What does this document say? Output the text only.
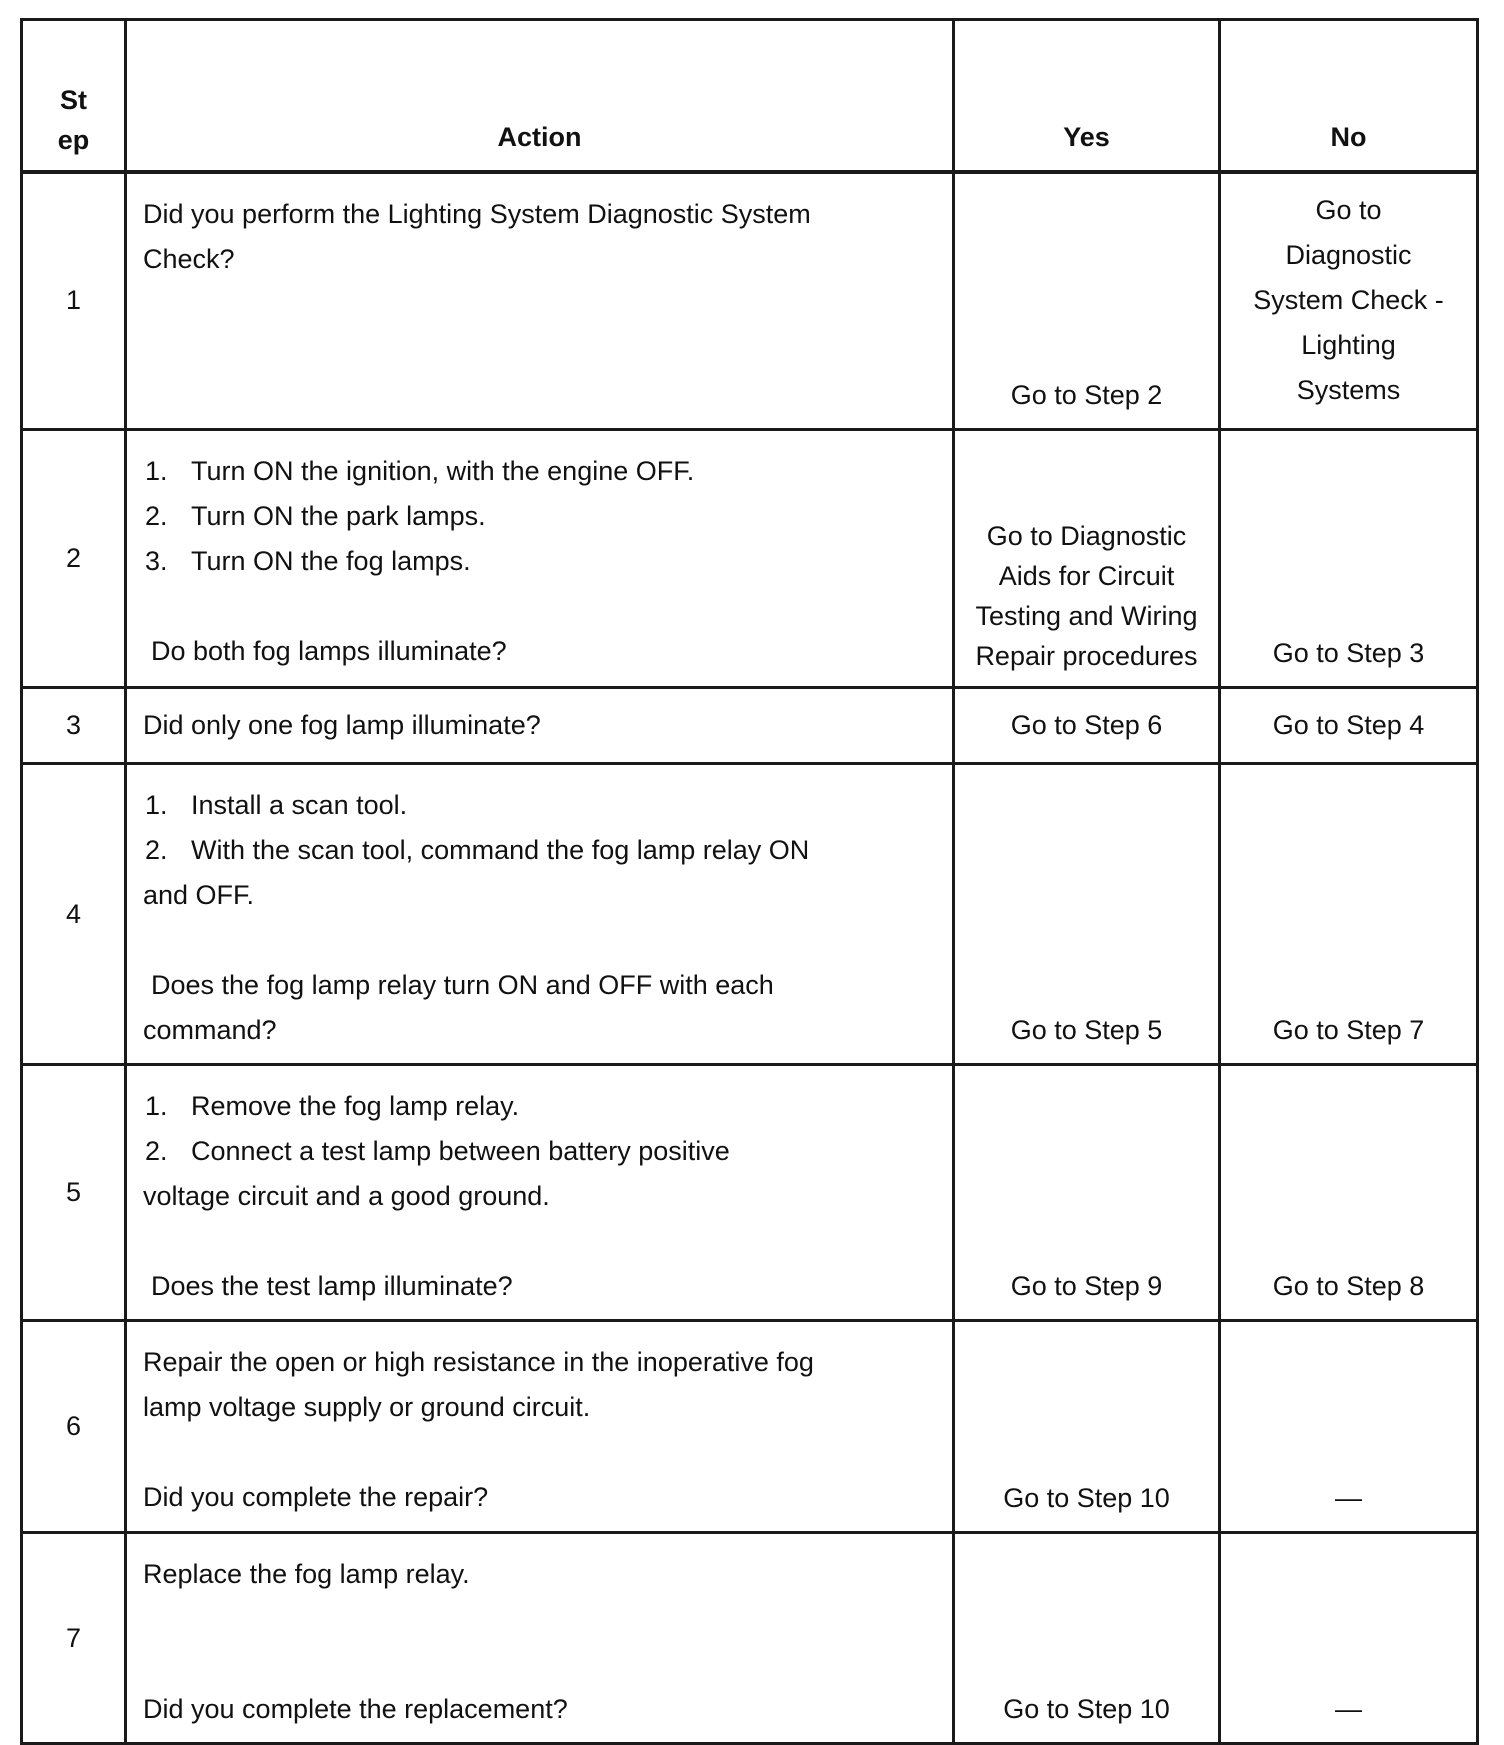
St
ep	Action	Yes	No
1	Did you perform the Lighting System Diagnostic System
Check?	Go to Step 2	Go to
Diagnostic
System Check -
Lighting
Systems

2	1. Turn ON the ignition, with the engine OFF.
2. Turn ON the park lamps.
3. Turn ON the fog lamps.
Do both fog lamps illuminate?	Go to Diagnostic
Aids for Circuit
Testing and Wiring
Repair procedures	Go to Step 3

3	Did only one fog lamp illuminate?	Go to Step 6	Go to Step 4

4	1. Install a scan tool.
2. With the scan tool, command the fog lamp relay ON
and OFF.
Does the fog lamp relay turn ON and OFF with each
command?	Go to Step 5	Go to Step 7

5	1. Remove the fog lamp relay.
2. Connect a test lamp between battery positive
voltage circuit and a good ground.
Does the test lamp illuminate?	Go to Step 9	Go to Step 8

6	Repair the open or high resistance in the inoperative fog
lamp voltage supply or ground circuit.
Did you complete the repair?	Go to Step 10	—

7	Replace the fog lamp relay.
Did you complete the replacement?	Go to Step 10	—
